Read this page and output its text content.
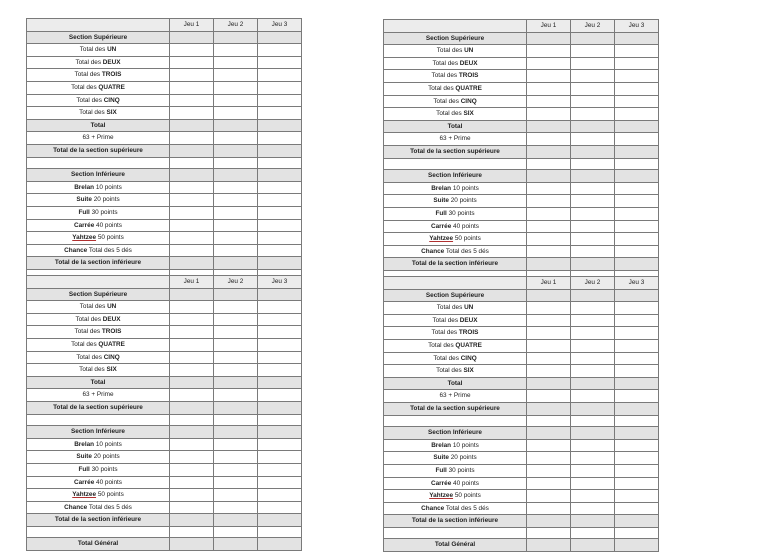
	Jeu 1	Jeu 2	Jeu 3
Section Supérieure			
Total des UN			
Total des DEUX			
Total des TROIS			
Total des QUATRE			
Total des CINQ			
Total des SIX			
Total			
63 + Prime			
Total de la section supérieure			

Section Inférieure			
Brelan 10 points			
Suite 20 points			
Full 30 points			
Carrée 40 points			
Yahtzee 50 points			
Chance Total des 5 dés			
Total de la section inférieure			

	Jeu 1	Jeu 2	Jeu 3
Section Supérieure			
Total des UN			
Total des DEUX			
Total des TROIS			
Total des QUATRE			
Total des CINQ			
Total des SIX			
Total			
63 + Prime			
Total de la section supérieure			

Section Inférieure			
Brelan 10 points			
Suite 20 points			
Full 30 points			
Carrée 40 points			
Yahtzee 50 points			
Chance Total des 5 dés			
Total de la section inférieure			

	Jeu 1	Jeu 2	Jeu 3
Section Supérieure			
Total des UN			
Total des DEUX			
Total des TROIS			
Total des QUATRE			
Total des CINQ			
Total des SIX			
Total			
63 + Prime			
Total de la section supérieure			

Section Inférieure			
Brelan 10 points			
Suite 20 points			
Full 30 points			
Carrée 40 points			
Yahtzee 50 points			
Chance Total des 5 dés			
Total de la section inférieure			

Total Général			
	Jeu 1	Jeu 2	Jeu 3
Section Supérieure			
Total des UN			
Total des DEUX			
Total des TROIS			
Total des QUATRE			
Total des CINQ			
Total des SIX			
Total			
63 + Prime			
Total de la section supérieure			

Section Inférieure			
Brelan 10 points			
Suite 20 points			
Full 30 points			
Carrée 40 points			
Yahtzee 50 points			
Chance Total des 5 dés			
Total de la section inférieure			

Total Général			
